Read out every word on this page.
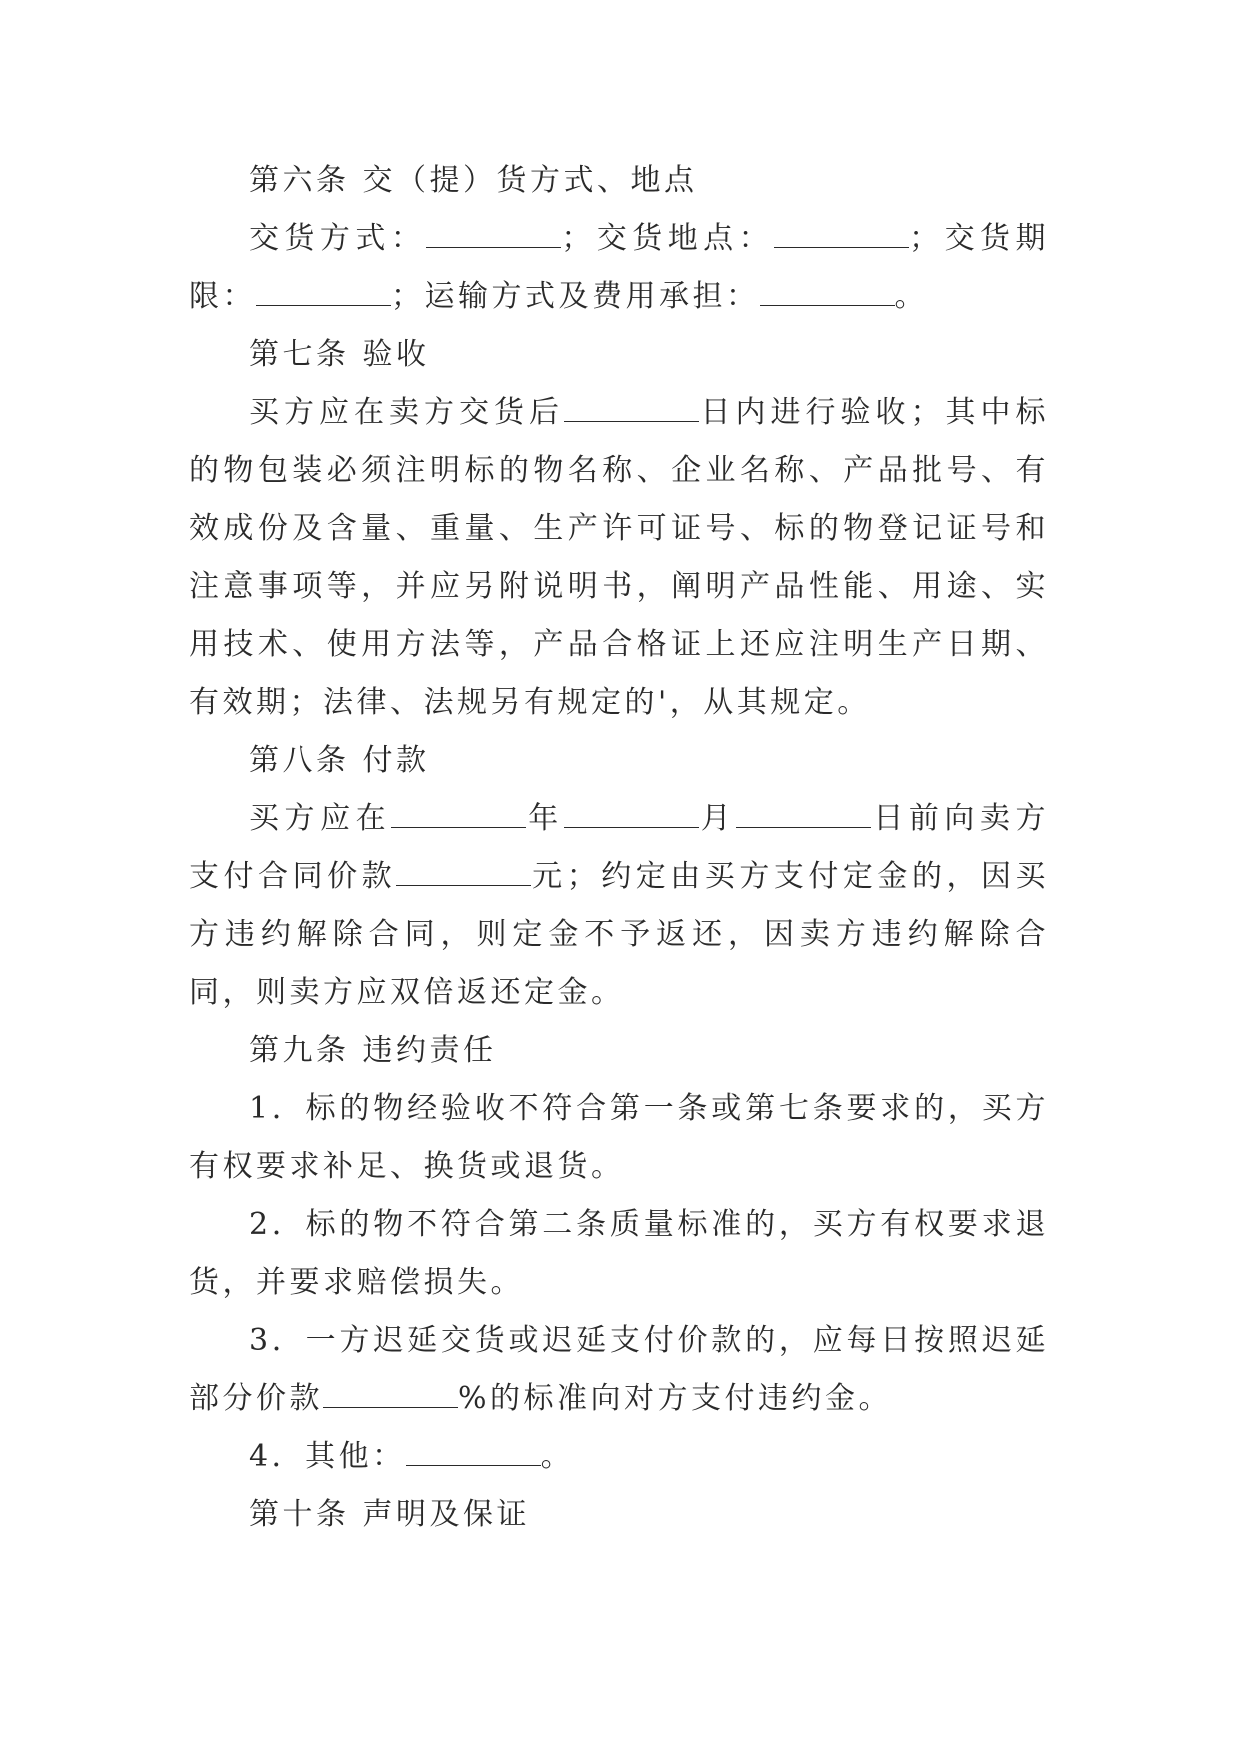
第六条 交（提）货方式、地点

交货方式：	；交货地点：	；交货期限：	；运输方式及费用承担：	。

第七条 验收

买方应在卖方交货后	日内进行验收；其中标的物包装必须注明标的物名称、企业名称、产品批号、有效成份及含量、重量、生产许可证号、标的物登记证号和注意事项等，并应另附说明书，阐明产品性能、用途、实用技术、使用方法等，产品合格证上还应注明生产日期、有效期；法律、法规另有规定的'，从其规定。

第八条 付款

买方应在	年	月	日前向卖方支付合同价款	元；约定由买方支付定金的，因买方违约解除合同，则定金不予返还，因卖方违约解除合同，则卖方应双倍返还定金。

第九条 违约责任

1．标的物经验收不符合第一条或第七条要求的，买方有权要求补足、换货或退货。

2．标的物不符合第二条质量标准的，买方有权要求退货，并要求赔偿损失。

3．一方迟延交货或迟延支付价款的，应每日按照迟延部分价款	%的标准向对方支付违约金。

4．其他：	。

第十条 声明及保证
